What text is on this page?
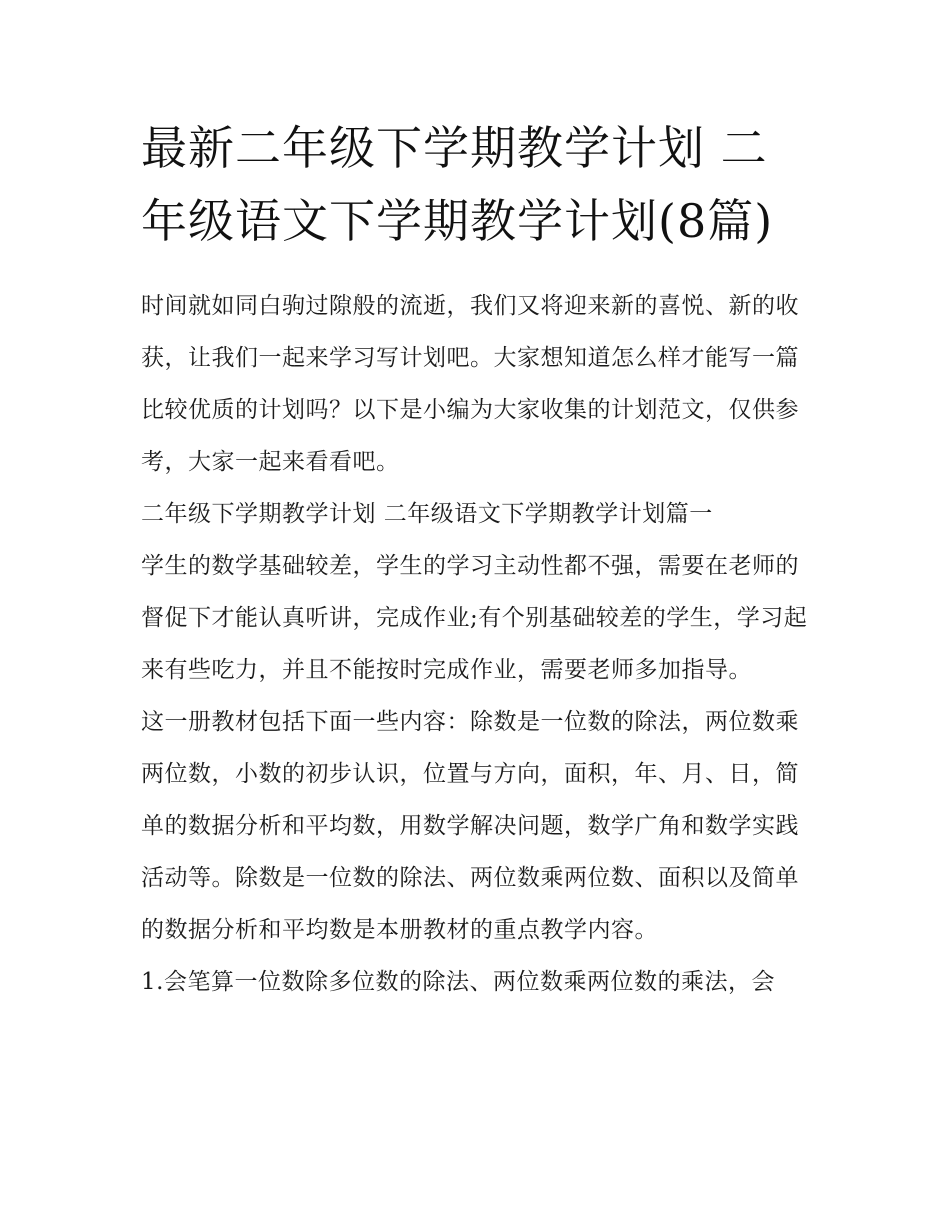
最新二年级下学期教学计划 二年级语文下学期教学计划(8篇)

时间就如同白驹过隙般的流逝，我们又将迎来新的喜悦、新的收获，让我们一起来学习写计划吧。大家想知道怎么样才能写一篇比较优质的计划吗？以下是小编为大家收集的计划范文，仅供参考，大家一起来看看吧。

二年级下学期教学计划 二年级语文下学期教学计划篇一

学生的数学基础较差，学生的学习主动性都不强，需要在老师的督促下才能认真听讲，完成作业;有个别基础较差的学生，学习起来有些吃力，并且不能按时完成作业，需要老师多加指导。

这一册教材包括下面一些内容：除数是一位数的除法，两位数乘两位数，小数的初步认识，位置与方向，面积，年、月、日，简单的数据分析和平均数，用数学解决问题，数学广角和数学实践活动等。除数是一位数的除法、两位数乘两位数、面积以及简单的数据分析和平均数是本册教材的重点教学内容。

1.会笔算一位数除多位数的除法、两位数乘两位数的乘法，会
